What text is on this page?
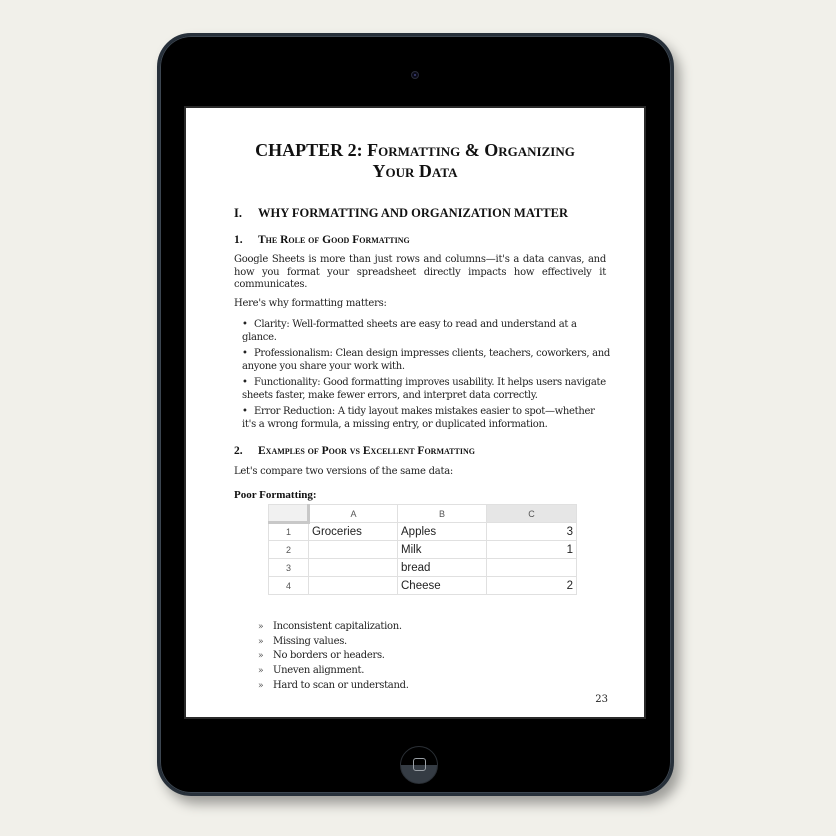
CHAPTER 2: Formatting & Organizing
Your Data
I. WHY FORMATTING AND ORGANIZATION MATTER
1. The Role of Good Formatting
Google Sheets is more than just rows and columns—it's a data canvas, and how you format your spreadsheet directly impacts how effectively it communicates.
Here's why formatting matters:
• Clarity: Well-formatted sheets are easy to read and understand at a glance.
• Professionalism: Clean design impresses clients, teachers, coworkers, and anyone you share your work with.
• Functionality: Good formatting improves usability. It helps users navigate sheets faster, make fewer errors, and interpret data correctly.
• Error Reduction: A tidy layout makes mistakes easier to spot—whether it's a wrong formula, a missing entry, or duplicated information.
2. Examples of Poor vs Excellent Formatting
Let's compare two versions of the same data:
Poor Formatting:
	A	B	C
1	Groceries	Apples	3
2		Milk	1
3		bread	
4		Cheese	2
» Inconsistent capitalization.
» Missing values.
» No borders or headers.
» Uneven alignment.
» Hard to scan or understand.
23
